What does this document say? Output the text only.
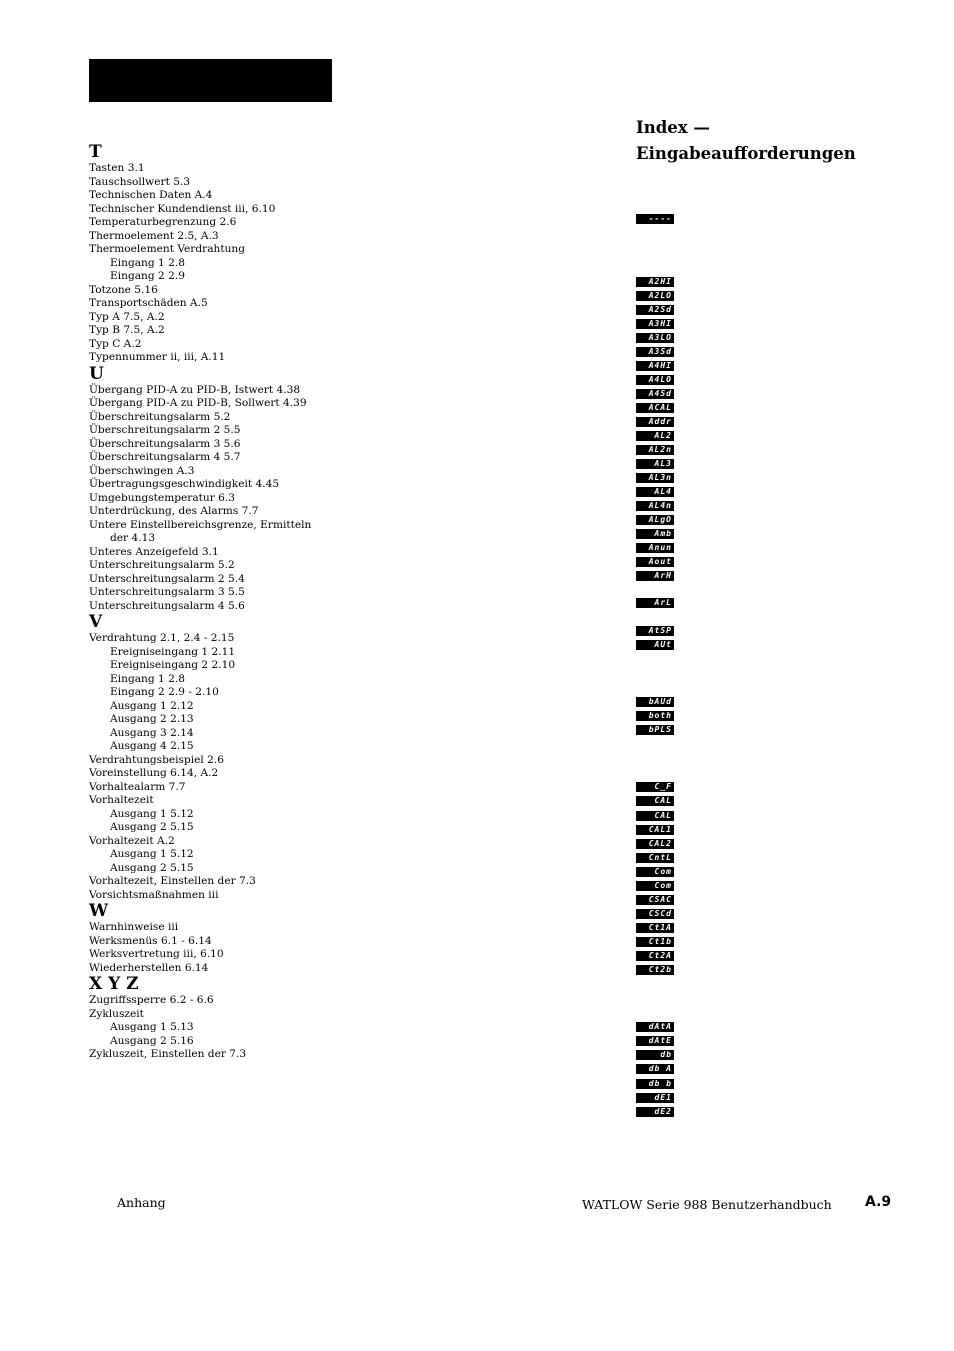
Index —
Eingabeaufforderungen
T
Tasten 3.1
Tauschsollwert 5.3
Technischen Daten A.4
Technischer Kundendienst iii, 6.10
Temperaturbegrenzung 2.6
Thermoelement 2.5, A.3
Thermoelement Verdrahtung
Eingang 1 2.8
Eingang 2 2.9
Totzone 5.16
Transportschäden A.5
Typ A 7.5, A.2
Typ B 7.5, A.2
Typ C A.2
Typennummer ii, iii, A.11
U
Übergang PID-A zu PID-B, Istwert 4.38
Übergang PID-A zu PID-B, Sollwert 4.39
Überschreitungsalarm 5.2
Überschreitungsalarm 2 5.5
Überschreitungsalarm 3 5.6
Überschreitungsalarm 4 5.7
Überschwingen A.3
Übertragungsgeschwindigkeit 4.45
Umgebungstemperatur 6.3
Unterdrückung, des Alarms 7.7
Untere Einstellbereichsgrenze, Ermitteln
der 4.13
Unteres Anzeigefeld 3.1
Unterschreitungsalarm 5.2
Unterschreitungsalarm 2 5.4
Unterschreitungsalarm 3 5.5
Unterschreitungsalarm 4 5.6
V
Verdrahtung 2.1, 2.4 - 2.15
Ereigniseingang 1 2.11
Ereigniseingang 2 2.10
Eingang 1 2.8
Eingang 2 2.9 - 2.10
Ausgang 1 2.12
Ausgang 2 2.13
Ausgang 3 2.14
Ausgang 4 2.15
Verdrahtungsbeispiel 2.6
Voreinstellung 6.14, A.2
Vorhaltealarm 7.7
Vorhaltezeit
Ausgang 1 5.12
Ausgang 2 5.15
Vorhaltezeit A.2
Ausgang 1 5.12
Ausgang 2 5.15
Vorhaltezeit, Einstellen der 7.3
Vorsichtsmaßnahmen iii
W
Warnhinweise iii
Werksmenüs 6.1 - 6.14
Werksvertretung iii, 6.10
Wiederherstellen 6.14
X Y Z
Zugriffssperre 6.2 - 6.6
Zykluszeit
Ausgang 1 5.13
Ausgang 2 5.16
Zykluszeit, Einstellen der 7.3
----
A2HI
A2LO
A2Sd
A3HI
A3LO
A3Sd
A4HI
A4LO
A4Sd
ACAL
Addr
AL2
AL2n
AL3
AL3n
AL4
AL4n
ALgO
Amb
Anun
Aout
ArH
ArL
AtSP
AUt
bAUd
both
bPLS
C_F
CAL
CAL
CAL1
CAL2
CntL
Com
Com
CSAC
CSCd
Ct1A
Ct1b
Ct2A
Ct2b
dAtA
dAtE
db
db A
db b
dE1
dE2
Anhang	WATLOW Serie 988 Benutzerhandbuch A.9
